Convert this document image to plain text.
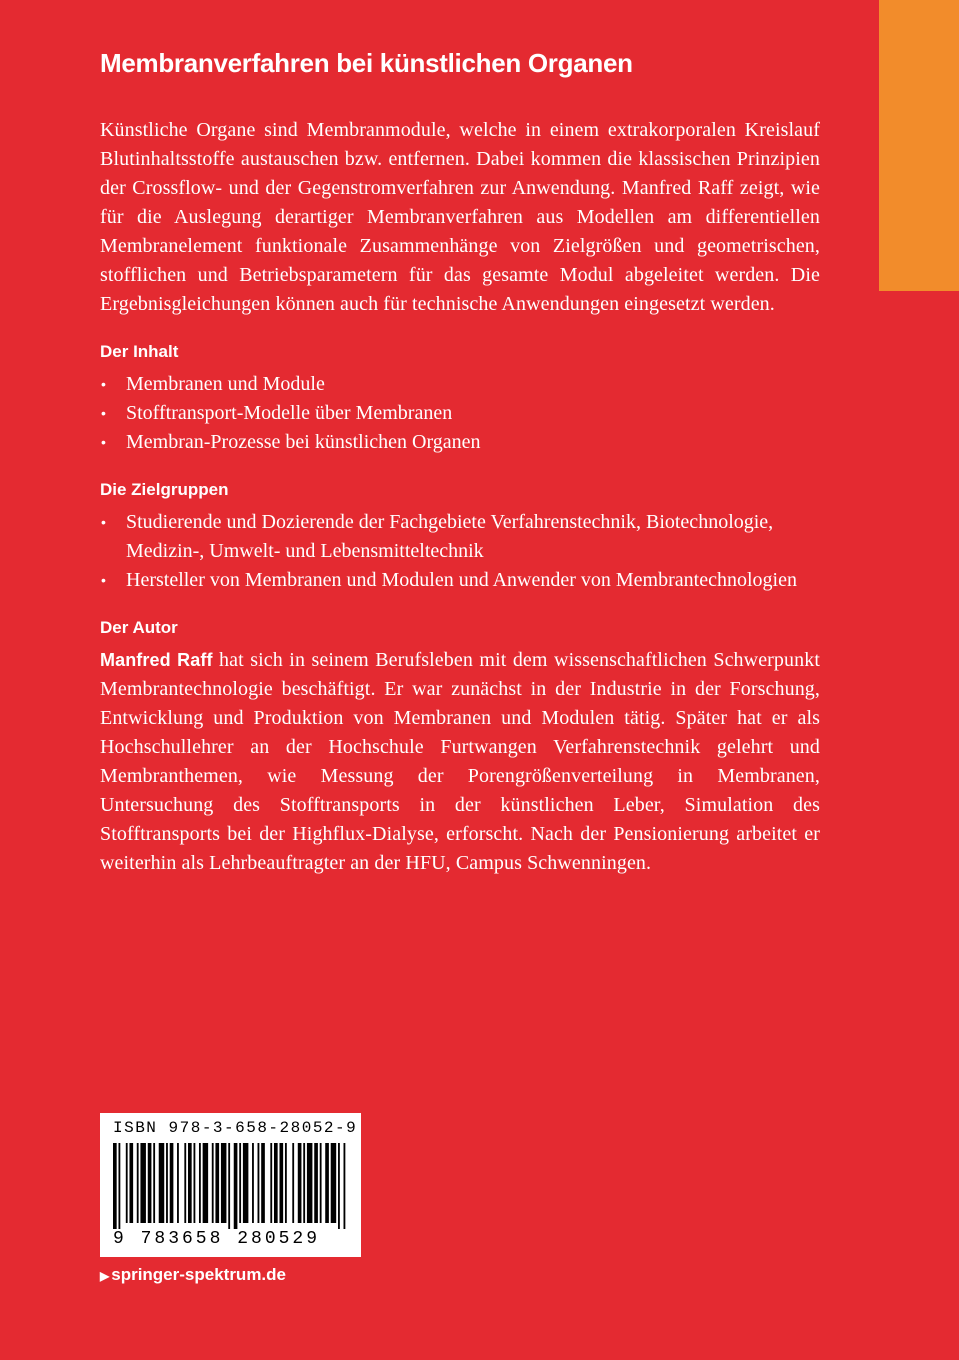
Membranverfahren bei künstlichen Organen

Künstliche Organe sind Membranmodule, welche in einem extrakorporalen Kreislauf Blutinhaltsstoffe austauschen bzw. entfernen. Dabei kommen die klassischen Prinzipien der Crossflow- und der Gegenstromverfahren zur Anwendung. Manfred Raff zeigt, wie für die Auslegung derartiger Membranverfahren aus Modellen am differentiellen Membranelement funktionale Zusammenhänge von Zielgrößen und geometrischen, stofflichen und Betriebsparametern für das gesamte Modul abgeleitet werden. Die Ergebnisgleichungen können auch für technische Anwendungen eingesetzt werden.

Der Inhalt
• Membranen und Module
• Stofftransport-Modelle über Membranen
• Membran-Prozesse bei künstlichen Organen
Die Zielgruppen
• Studierende und Dozierende der Fachgebiete Verfahrenstechnik, Biotechnologie, Medizin-, Umwelt- und Lebensmitteltechnik
• Hersteller von Membranen und Modulen und Anwender von Membrantechnologien
Der Autor

Manfred Raff hat sich in seinem Berufsleben mit dem wissenschaftlichen Schwerpunkt Membrantechnologie beschäftigt. Er war zunächst in der Industrie in der Forschung, Entwicklung und Produktion von Membranen und Modulen tätig. Später hat er als Hochschullehrer an der Hochschule Furtwangen Verfahrenstechnik gelehrt und Membranthemen, wie Messung der Porengrößenverteilung in Membranen, Untersuchung des Stofftransports in der künstlichen Leber, Simulation des Stofftransports bei der Highflux-Dialyse, erforscht. Nach der Pensionierung arbeitet er weiterhin als Lehrbeauftragter an der HFU, Campus Schwenningen.

ISBN 978-3-658-28052-9
9 783658 280529
▶ springer-spektrum.de
